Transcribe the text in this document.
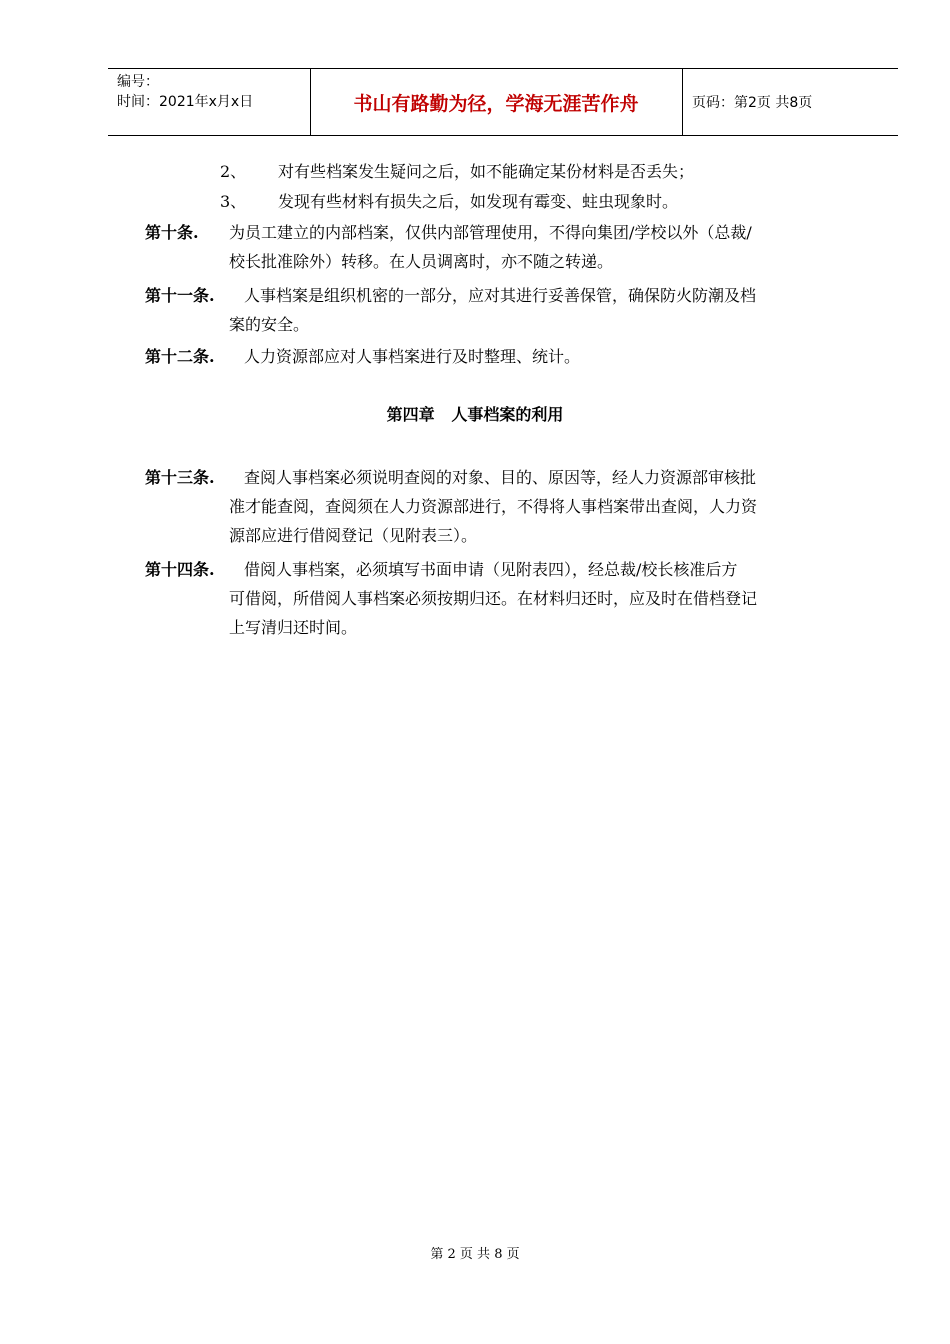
编号：
时间：2021年x月x日	书山有路勤为径，学海无涯苦作舟	页码：第2页 共8页
2、 对有些档案发生疑问之后，如不能确定某份材料是否丢失；
3、 发现有些材料有损失之后，如发现有霉变、蛀虫现象时。
第十条.	为员工建立的内部档案，仅供内部管理使用，不得向集团/学校以外（总裁/
校长批准除外）转移。在人员调离时，亦不随之转递。
第十一条.	人事档案是组织机密的一部分，应对其进行妥善保管，确保防火防潮及档
案的安全。
第十二条.	人力资源部应对人事档案进行及时整理、统计。
第四章   人事档案的利用
第十三条.	查阅人事档案必须说明查阅的对象、目的、原因等，经人力资源部审核批
准才能查阅，查阅须在人力资源部进行，不得将人事档案带出查阅，人力资
源部应进行借阅登记（见附表三）。
第十四条.	借阅人事档案，必须填写书面申请（见附表四），经总裁/校长核准后方
可借阅，所借阅人事档案必须按期归还。在材料归还时，应及时在借档登记
上写清归还时间。
第 2 页 共 8 页
